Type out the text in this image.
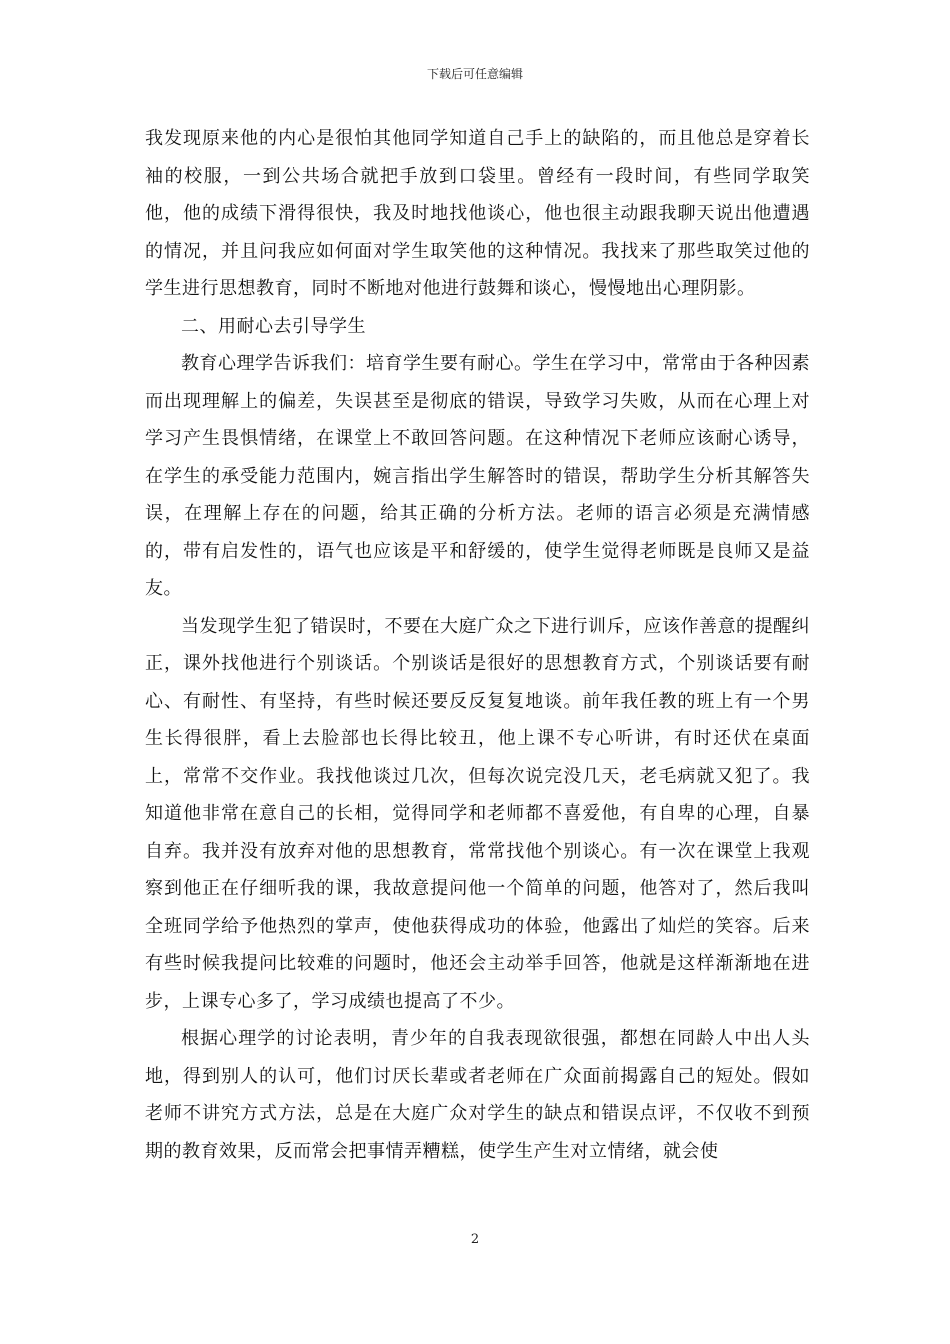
下载后可任意编辑

我发现原来他的内心是很怕其他同学知道自己手上的缺陷的，而且他总是穿着长袖的校服，一到公共场合就把手放到口袋里。曾经有一段时间，有些同学取笑他，他的成绩下滑得很快，我及时地找他谈心，他也很主动跟我聊天说出他遭遇的情况，并且问我应如何面对学生取笑他的这种情况。我找来了那些取笑过他的学生进行思想教育，同时不断地对他进行鼓舞和谈心，慢慢地出心理阴影。

二、用耐心去引导学生

教育心理学告诉我们：培育学生要有耐心。学生在学习中，常常由于各种因素而出现理解上的偏差，失误甚至是彻底的错误，导致学习失败，从而在心理上对学习产生畏惧情绪，在课堂上不敢回答问题。在这种情况下老师应该耐心诱导，在学生的承受能力范围内，婉言指出学生解答时的错误，帮助学生分析其解答失误，在理解上存在的问题，给其正确的分析方法。老师的语言必须是充满情感的，带有启发性的，语气也应该是平和舒缓的，使学生觉得老师既是良师又是益友。

当发现学生犯了错误时，不要在大庭广众之下进行训斥，应该作善意的提醒纠正，课外找他进行个别谈话。个别谈话是很好的思想教育方式，个别谈话要有耐心、有耐性、有坚持，有些时候还要反反复复地谈。前年我任教的班上有一个男生长得很胖，看上去脸部也长得比较丑，他上课不专心听讲，有时还伏在桌面上，常常不交作业。我找他谈过几次，但每次说完没几天，老毛病就又犯了。我知道他非常在意自己的长相，觉得同学和老师都不喜爱他，有自卑的心理，自暴自弃。我并没有放弃对他的思想教育，常常找他个别谈心。有一次在课堂上我观察到他正在仔细听我的课，我故意提问他一个简单的问题，他答对了，然后我叫全班同学给予他热烈的掌声，使他获得成功的体验，他露出了灿烂的笑容。后来有些时候我提问比较难的问题时，他还会主动举手回答，他就是这样渐渐地在进步，上课专心多了，学习成绩也提高了不少。

根据心理学的讨论表明，青少年的自我表现欲很强，都想在同龄人中出人头地，得到别人的认可，他们讨厌长辈或者老师在广众面前揭露自己的短处。假如老师不讲究方式方法，总是在大庭广众对学生的缺点和错误点评，不仅收不到预期的教育效果，反而常会把事情弄糟糕，使学生产生对立情绪，就会使

2
